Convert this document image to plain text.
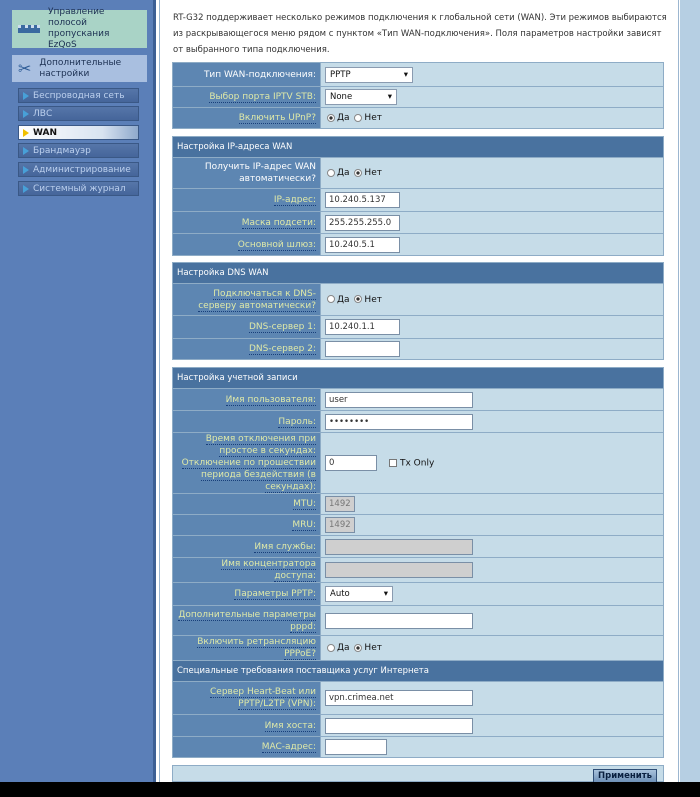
Управление полосой пропускания EzQoS
✂ Дополнительные настройки
Беспроводная сеть
ЛВС
WAN
Брандмауэр
Администрирование
Системный журнал
RT-G32 поддерживает несколько режимов подключения к глобальной сети (WAN). Эти режимов выбираются из раскрывающегося меню рядом с пунктом «Тип WAN-подключения». Поля параметров настройки зависят от выбранного типа подключения.
Тип WAN-подключения:	PPTP ▾

Выбор порта IPTV STB:	None ▾

Включить UPnP?	Да Нет
Настройка IP-адреса WAN	
Получить IP-адрес WAN автоматически?	Да Нет
IP-адрес:	10.240.5.137
Маска подсети:	255.255.255.0
Основной шлюз:	10.240.5.1
Настройка DNS WAN	
Подключаться к DNS-серверу автоматически?	Да Нет
DNS-сервер 1:	10.240.1.1
DNS-сервер 2:	
Настройка учетной записи	
Имя пользователя:	user
Пароль:	••••••••
Время отключения при простое в секундах: Отключение по прошествии периода бездействия (в секундах):	0 Tx Only
MTU:	1492
MRU:	1492
Имя службы:	
Имя концентратора доступа:	
Параметры PPTP:	Auto ▾

Дополнительные параметры pppd:	
Включить ретрансляцию PPPoE?	Да Нет
Специальные требования поставщика услуг Интернета	
Сервер Heart-Beat или PPTP/L2TP (VPN):	vpn.crimea.net
Имя хоста:	
MAC-адрес:	
Применить
